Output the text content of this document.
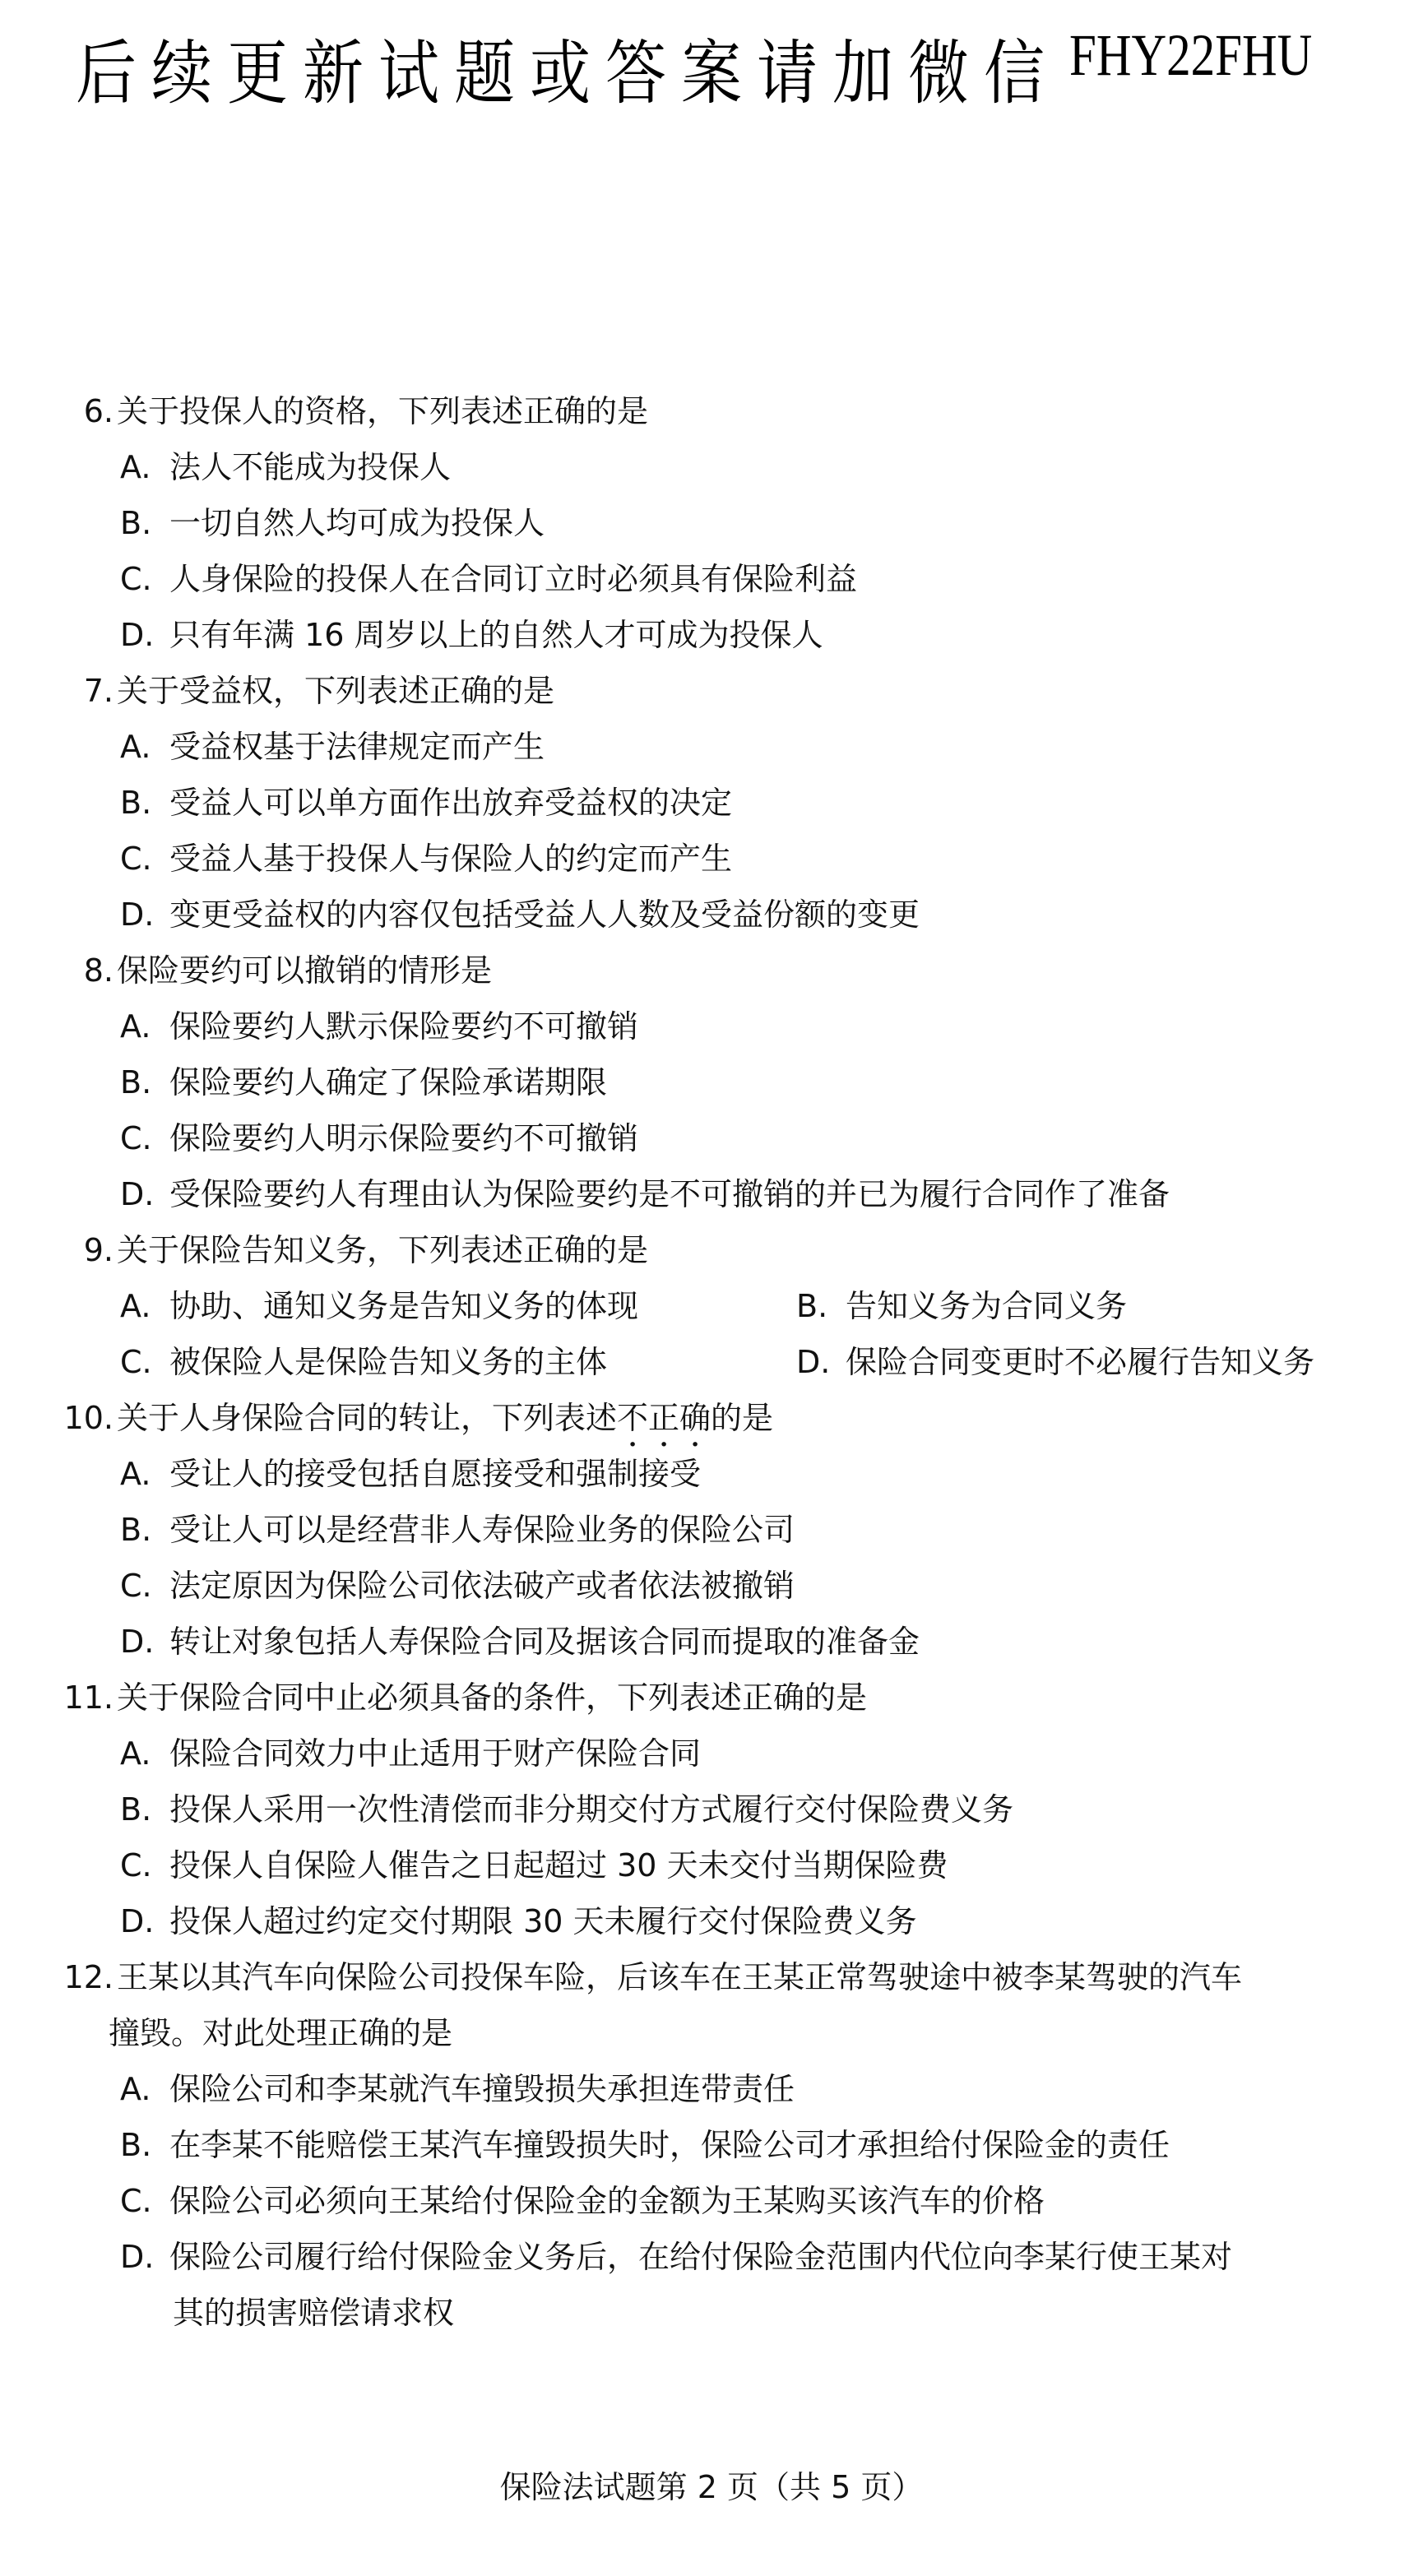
后续更新试题或答案请加微信 FHY22FHU
6. 关于投保人的资格，下列表述正确的是
A. 法人不能成为投保人
B. 一切自然人均可成为投保人
C. 人身保险的投保人在合同订立时必须具有保险利益
D. 只有年满 16 周岁以上的自然人才可成为投保人
7. 关于受益权，下列表述正确的是
A. 受益权基于法律规定而产生
B. 受益人可以单方面作出放弃受益权的决定
C. 受益人基于投保人与保险人的约定而产生
D. 变更受益权的内容仅包括受益人人数及受益份额的变更
8. 保险要约可以撤销的情形是
A. 保险要约人默示保险要约不可撤销
B. 保险要约人确定了保险承诺期限
C. 保险要约人明示保险要约不可撤销
D. 受保险要约人有理由认为保险要约是不可撤销的并已为履行合同作了准备
9. 关于保险告知义务，下列表述正确的是
A. 协助、通知义务是告知义务的体现	B. 告知义务为合同义务
C. 被保险人是保险告知义务的主体	D. 保险合同变更时不必履行告知义务
10. 关于人身保险合同的转让，下列表述不正确的是
A. 受让人的接受包括自愿接受和强制接受
B. 受让人可以是经营非人寿保险业务的保险公司
C. 法定原因为保险公司依法破产或者依法被撤销
D. 转让对象包括人寿保险合同及据该合同而提取的准备金
11. 关于保险合同中止必须具备的条件，下列表述正确的是
A. 保险合同效力中止适用于财产保险合同
B. 投保人采用一次性清偿而非分期交付方式履行交付保险费义务
C. 投保人自保险人催告之日起超过 30 天未交付当期保险费
D. 投保人超过约定交付期限 30 天未履行交付保险费义务
12. 王某以其汽车向保险公司投保车险，后该车在王某正常驾驶途中被李某驾驶的汽车
撞毁。对此处理正确的是
A. 保险公司和李某就汽车撞毁损失承担连带责任
B. 在李某不能赔偿王某汽车撞毁损失时，保险公司才承担给付保险金的责任
C. 保险公司必须向王某给付保险金的金额为王某购买该汽车的价格
D. 保险公司履行给付保险金义务后，在给付保险金范围内代位向李某行使王某对
其的损害赔偿请求权
保险法试题第 2 页（共 5 页）
